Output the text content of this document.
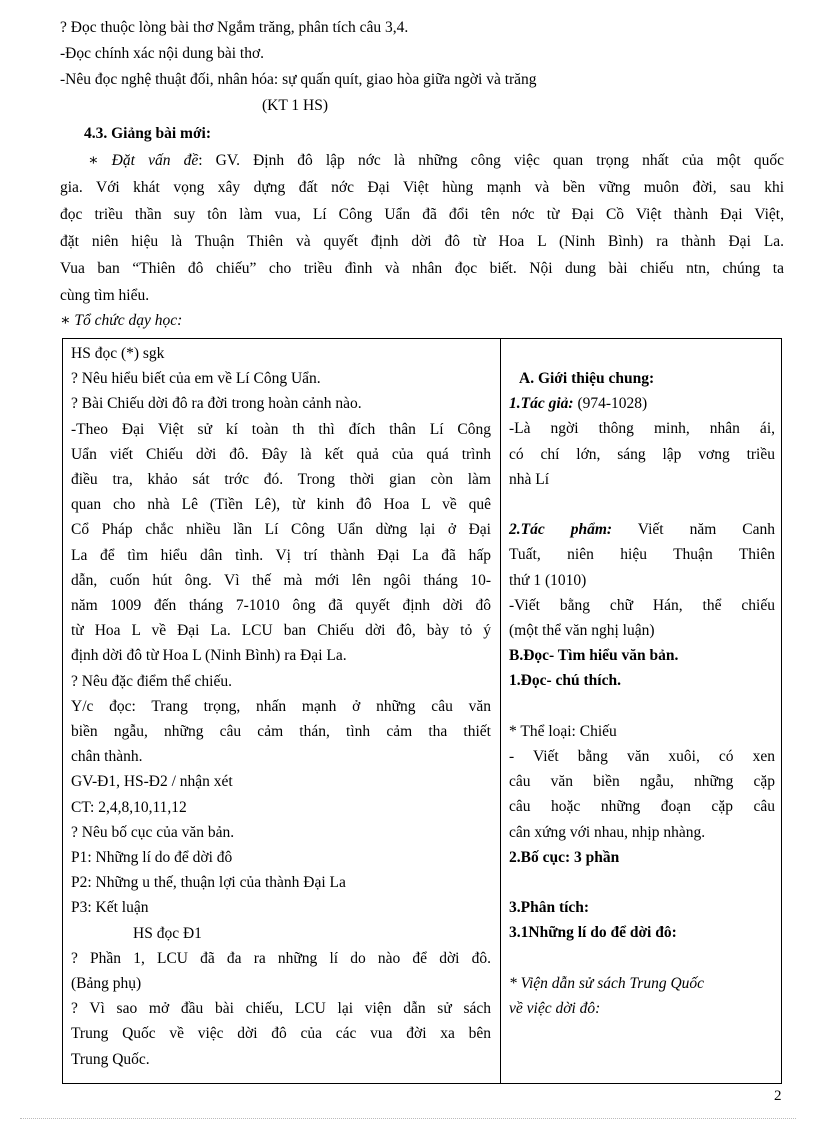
? Đọc thuộc lòng bài thơ Ngắm trăng, phân tích câu 3,4.
-Đọc chính xác nội dung bài thơ.
-Nêu đọc nghệ thuật đối, nhân hóa: sự quấn quít, giao hòa giữa ngời và trăng
(KT 1 HS)
4.3. Giảng bài mới:
∗ Đặt vấn đề: GV. Định đô lập nớc là những công việc quan trọng nhất của một quốc
gia. Với khát vọng xây dựng đất nớc Đại Việt hùng mạnh và bền vững muôn đời, sau khi
đọc triều thần suy tôn làm vua, Lí Công Uẩn đã đổi tên nớc từ Đại Cồ Việt thành Đại Việt,
đặt niên hiệu là Thuận Thiên và quyết định dời đô từ Hoa L (Ninh Bình) ra thành Đại La.
Vua ban “Thiên đô chiếu” cho triều đình và nhân đọc biết. Nội dung bài chiếu ntn, chúng ta
cùng tìm hiểu.
∗ Tổ chức dạy học:
HS đọc (*) sgk
? Nêu hiểu biết của em về Lí Công Uẩn.
? Bài Chiếu dời đô ra đời trong hoàn cảnh nào.
-Theo Đại Việt sử kí toàn th thì đích thân Lí Công
Uẩn viết Chiếu dời đô. Đây là kết quả của quá trình
điều tra, khảo sát trớc đó. Trong thời gian còn làm
quan cho nhà Lê (Tiền Lê), từ kinh đô Hoa L về quê
Cổ Pháp chắc nhiều lần Lí Công Uẩn dừng lại ở Đại
La để tìm hiểu dân tình. Vị trí thành Đại La đã hấp
dẫn, cuốn hút ông. Vì thế mà mới lên ngôi tháng 10-
năm 1009 đến tháng 7-1010 ông đã quyết định dời đô
từ Hoa L về Đại La. LCU ban Chiếu dời đô, bày tỏ ý
định dời đô từ Hoa L (Ninh Bình) ra Đại La.
? Nêu đặc điểm thể chiếu.
Y/c đọc: Trang trọng, nhấn mạnh ở những câu văn
biền ngẫu, những câu cảm thán, tình cảm tha thiết
chân thành.
GV-Đ1, HS-Đ2 / nhận xét
CT: 2,4,8,10,11,12
? Nêu bố cục của văn bản.
P1: Những lí do để dời đô
P2: Những u thế, thuận lợi của thành Đại La
P3: Kết luận
HS đọc Đ1
? Phần 1, LCU đã đa ra những lí do nào để dời đô.
(Bảng phụ)
? Vì sao mở đầu bài chiếu, LCU lại viện dẫn sử sách
Trung Quốc về việc dời đô của các vua đời xa bên
Trung Quốc.
A. Giới thiệu chung:
1.Tác giả: (974-1028)
-Là ngời thông minh, nhân ái,
có chí lớn, sáng lập vơng triều
nhà Lí

2.Tác phẩm: Viết năm Canh
Tuất, niên hiệu Thuận Thiên
thứ 1 (1010)
-Viết bằng chữ Hán, thể chiếu
(một thể văn nghị luận)
B.Đọc- Tìm hiểu văn bản.
1.Đọc- chú thích.

* Thể loại: Chiếu
- Viết bằng văn xuôi, có xen
câu văn biền ngẫu, những cặp
câu hoặc những đoạn cặp câu
cân xứng với nhau, nhịp nhàng.
2.Bố cục: 3 phần

3.Phân tích:
3.1Những lí do để dời đô:

* Viện dẫn sử sách Trung Quốc
về việc dời đô:
2
